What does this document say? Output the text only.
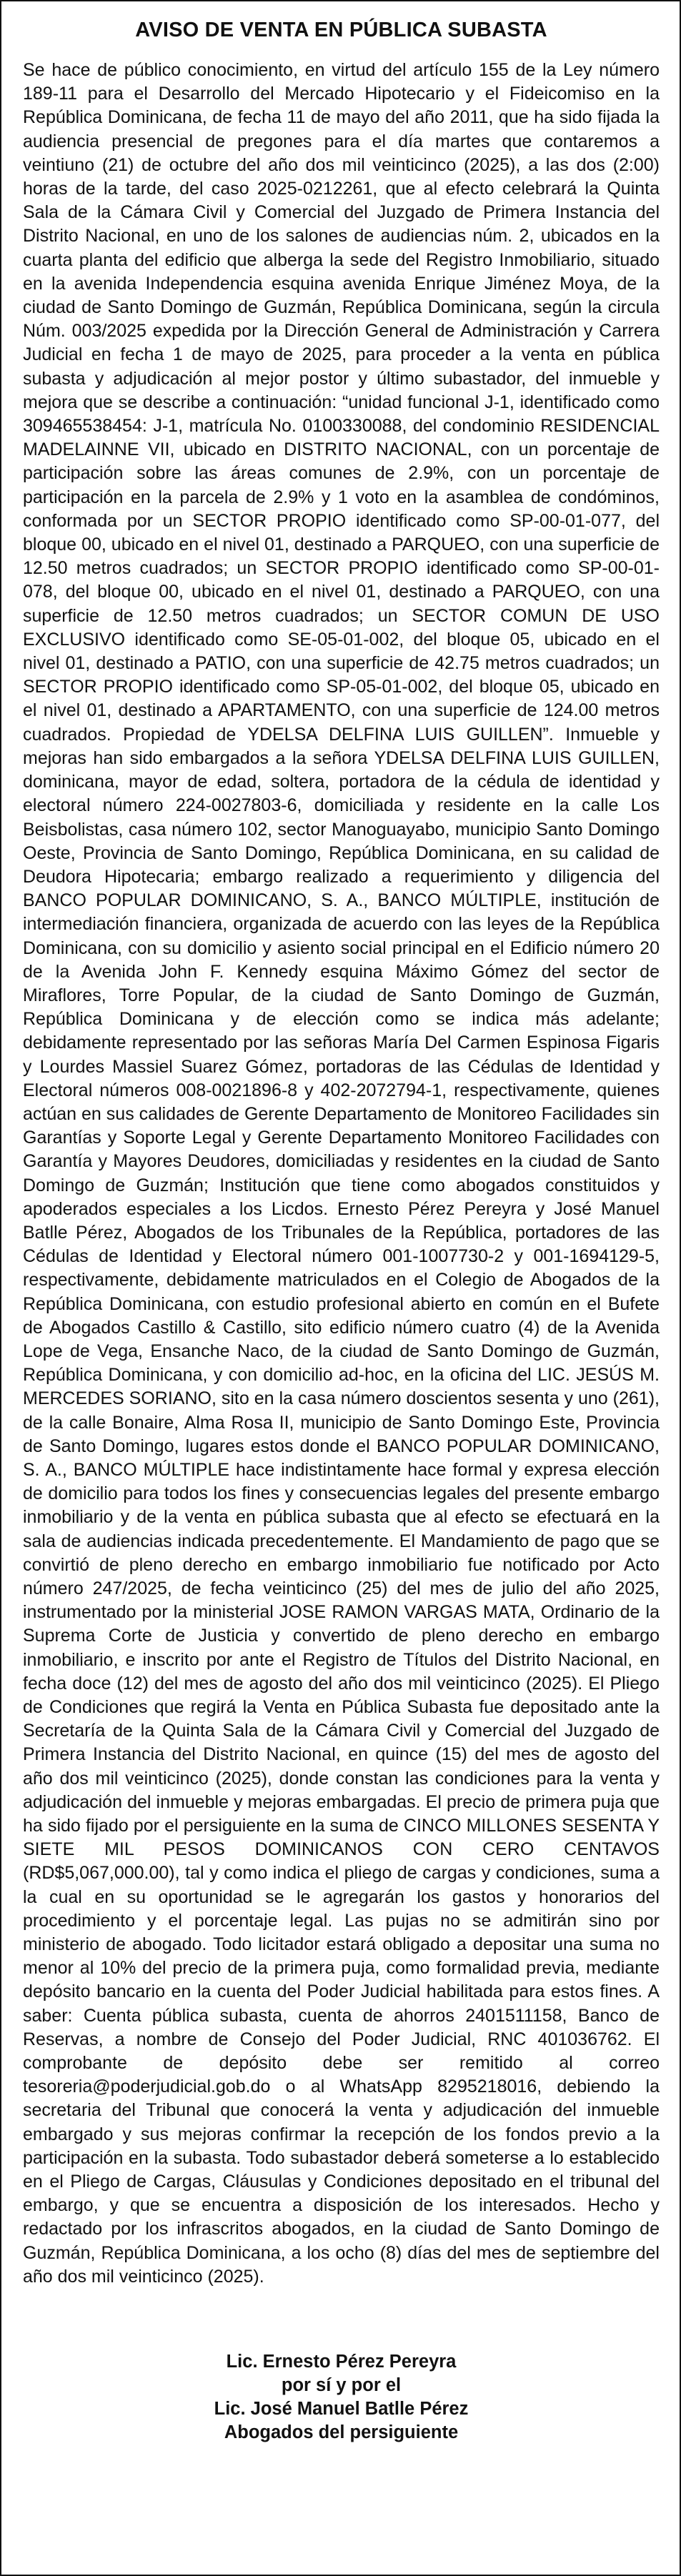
AVISO DE VENTA EN PÚBLICA SUBASTA

Se hace de público conocimiento, en virtud del artículo 155 de la Ley número 189-11 para el Desarrollo del Mercado Hipotecario y el Fideicomiso en la República Dominicana, de fecha 11 de mayo del año 2011, que ha sido fijada la audiencia presencial de pregones para el día martes que contaremos a veintiuno (21) de octubre del año dos mil veinticinco (2025), a las dos (2:00) horas de la tarde, del caso 2025-0212261, que al efecto celebrará la Quinta Sala de la Cámara Civil y Comercial del Juzgado de Primera Instancia del Distrito Nacional, en uno de los salones de audiencias núm. 2, ubicados en la cuarta planta del edificio que alberga la sede del Registro Inmobiliario, situado en la avenida Independencia esquina avenida Enrique Jiménez Moya, de la ciudad de Santo Domingo de Guzmán, República Dominicana, según la circula Núm. 003/2025 expedida por la Dirección General de Administración y Carrera Judicial en fecha 1 de mayo de 2025, para proceder a la venta en pública subasta y adjudicación al mejor postor y último subastador, del inmueble y mejora que se describe a continuación: “unidad funcional J-1, identificado como 309465538454: J-1, matrícula No. 0100330088, del condominio RESIDENCIAL MADELAINNE VII, ubicado en DISTRITO NACIONAL, con un porcentaje de participación sobre las áreas comunes de 2.9%, con un porcentaje de participación en la parcela de 2.9% y 1 voto en la asamblea de condóminos, conformada por un SECTOR PROPIO identificado como SP-00-01-077, del bloque 00, ubicado en el nivel 01, destinado a PARQUEO, con una superficie de 12.50 metros cuadrados; un SECTOR PROPIO identificado como SP-00-01-078, del bloque 00, ubicado en el nivel 01, destinado a PARQUEO, con una superficie de 12.50 metros cuadrados; un SECTOR COMUN DE USO EXCLUSIVO identificado como SE-05-01-002, del bloque 05, ubicado en el nivel 01, destinado a PATIO, con una superficie de 42.75 metros cuadrados; un SECTOR PROPIO identificado como SP-05-01-002, del bloque 05, ubicado en el nivel 01, destinado a APARTAMENTO, con una superficie de 124.00 metros cuadrados. Propiedad de YDELSA DELFINA LUIS GUILLEN”. Inmueble y mejoras han sido embargados a la señora YDELSA DELFINA LUIS GUILLEN, dominicana, mayor de edad, soltera, portadora de la cédula de identidad y electoral número 224-0027803-6, domiciliada y residente en la calle Los Beisbolistas, casa número 102, sector Manoguayabo, municipio Santo Domingo Oeste, Provincia de Santo Domingo, República Dominicana, en su calidad de Deudora Hipotecaria; embargo realizado a requerimiento y diligencia del BANCO POPULAR DOMINICANO, S. A., BANCO MÚLTIPLE, institución de intermediación financiera, organizada de acuerdo con las leyes de la República Dominicana, con su domicilio y asiento social principal en el Edificio número 20 de la Avenida John F. Kennedy esquina Máximo Gómez del sector de Miraflores, Torre Popular, de la ciudad de Santo Domingo de Guzmán, República Dominicana y de elección como se indica más adelante; debidamente representado por las señoras María Del Carmen Espinosa Figaris y Lourdes Massiel Suarez Gómez, portadoras de las Cédulas de Identidad y Electoral números 008-0021896-8 y 402-2072794-1, respectivamente, quienes actúan en sus calidades de Gerente Departamento de Monitoreo Facilidades sin Garantías y Soporte Legal y Gerente Departamento Monitoreo Facilidades con Garantía y Mayores Deudores, domiciliadas y residentes en la ciudad de Santo Domingo de Guzmán; Institución que tiene como abogados constituidos y apoderados especiales a los Licdos. Ernesto Pérez Pereyra y José Manuel Batlle Pérez, Abogados de los Tribunales de la República, portadores de las Cédulas de Identidad y Electoral número 001-1007730-2 y 001-1694129-5, respectivamente, debidamente matriculados en el Colegio de Abogados de la República Dominicana, con estudio profesional abierto en común en el Bufete de Abogados Castillo & Castillo, sito edificio número cuatro (4) de la Avenida Lope de Vega, Ensanche Naco, de la ciudad de Santo Domingo de Guzmán, República Dominicana, y con domicilio ad-hoc, en la oficina del LIC. JESÚS M. MERCEDES SORIANO, sito en la casa número doscientos sesenta y uno (261), de la calle Bonaire, Alma Rosa II, municipio de Santo Domingo Este, Provincia de Santo Domingo, lugares estos donde el BANCO POPULAR DOMINICANO, S. A., BANCO MÚLTIPLE hace indistintamente hace formal y expresa elección de domicilio para todos los fines y consecuencias legales del presente embargo inmobiliario y de la venta en pública subasta que al efecto se efectuará en la sala de audiencias indicada precedentemente. El Mandamiento de pago que se convirtió de pleno derecho en embargo inmobiliario fue notificado por Acto número 247/2025, de fecha veinticinco (25) del mes de julio del año 2025, instrumentado por la ministerial JOSE RAMON VARGAS MATA, Ordinario de la Suprema Corte de Justicia y convertido de pleno derecho en embargo inmobiliario, e inscrito por ante el Registro de Títulos del Distrito Nacional, en fecha doce (12) del mes de agosto del año dos mil veinticinco (2025). El Pliego de Condiciones que regirá la Venta en Pública Subasta fue depositado ante la Secretaría de la Quinta Sala de la Cámara Civil y Comercial del Juzgado de Primera Instancia del Distrito Nacional, en quince (15) del mes de agosto del año dos mil veinticinco (2025), donde constan las condiciones para la venta y adjudicación del inmueble y mejoras embargadas. El precio de primera puja que ha sido fijado por el persiguiente en la suma de CINCO MILLONES SESENTA Y SIETE MIL PESOS DOMINICANOS CON CERO CENTAVOS (RD$5,067,000.00), tal y como indica el pliego de cargas y condiciones, suma a la cual en su oportunidad se le agregarán los gastos y honorarios del procedimiento y el porcentaje legal. Las pujas no se admitirán sino por ministerio de abogado. Todo licitador estará obligado a depositar una suma no menor al 10% del precio de la primera puja, como formalidad previa, mediante depósito bancario en la cuenta del Poder Judicial habilitada para estos fines. A saber: Cuenta pública subasta, cuenta de ahorros 2401511158, Banco de Reservas, a nombre de Consejo del Poder Judicial, RNC 401036762. El comprobante de depósito debe ser remitido al correo tesoreria@poderjudicial.gob.do o al WhatsApp 8295218016, debiendo la secretaria del Tribunal que conocerá la venta y adjudicación del inmueble embargado y sus mejoras confirmar la recepción de los fondos previo a la participación en la subasta. Todo subastador deberá someterse a lo establecido en el Pliego de Cargas, Cláusulas y Condiciones depositado en el tribunal del embargo, y que se encuentra a disposición de los interesados. Hecho y redactado por los infrascritos abogados, en la ciudad de Santo Domingo de Guzmán, República Dominicana, a los ocho (8) días del mes de septiembre del año dos mil veinticinco (2025).

Lic. Ernesto Pérez Pereyra
por sí y por el
Lic. José Manuel Batlle Pérez
Abogados del persiguiente
